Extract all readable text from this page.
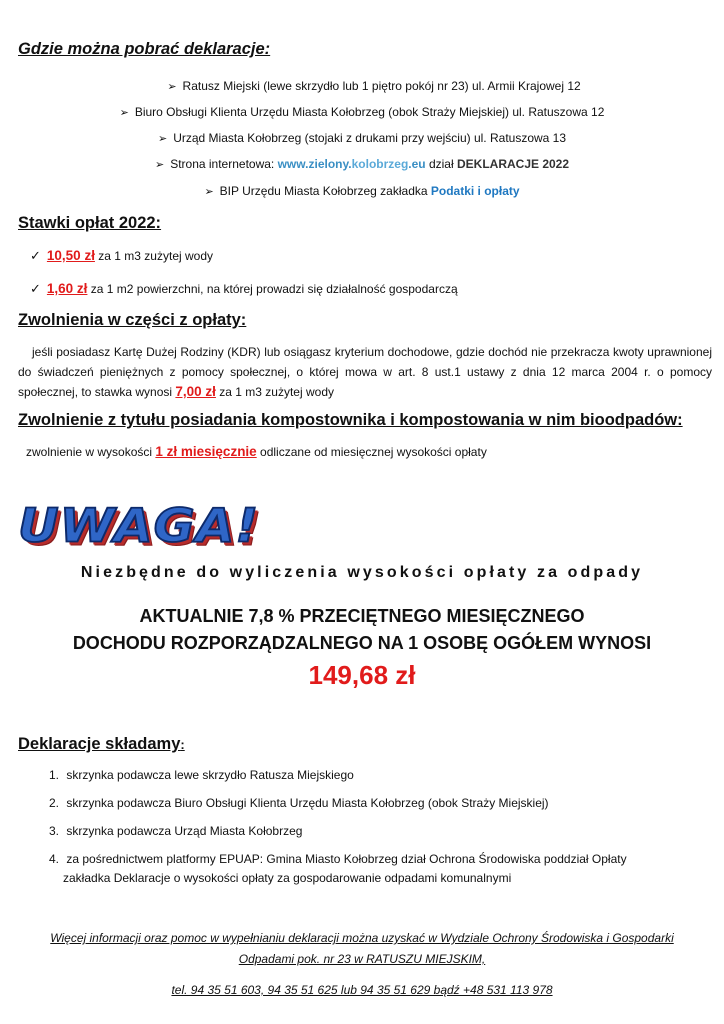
Gdzie można pobrać deklaracje:
➢ Ratusz Miejski (lewe skrzydło lub 1 piętro pokój nr 23) ul. Armii Krajowej 12
➢ Biuro Obsługi Klienta Urzędu Miasta Kołobrzeg (obok Straży Miejskiej) ul. Ratuszowa 12
➢ Urząd Miasta Kołobrzeg (stojaki z drukami przy wejściu) ul. Ratuszowa 13
➢ Strona internetowa: www.zielony.kolobrzeg.eu dział DEKLARACJE 2022
➢ BIP Urzędu Miasta Kołobrzeg zakładka Podatki i opłaty
Stawki opłat 2022:
✓ 10,50 zł za 1 m3 zużytej wody
✓ 1,60 zł za 1 m2 powierzchni, na której prowadzi się działalność gospodarczą
Zwolnienia w części z opłaty:
jeśli posiadasz Kartę Dużej Rodziny (KDR) lub osiągasz kryterium dochodowe, gdzie dochód nie przekracza kwoty uprawnionej do świadczeń pieniężnych z pomocy społecznej, o której mowa w art. 8 ust.1 ustawy z dnia 12 marca 2004 r. o pomocy społecznej, to stawka wynosi 7,00 zł za 1 m3 zużytej wody
Zwolnienie z tytułu posiadania kompostownika i kompostowania w nim bioodpadów:
zwolnienie w wysokości 1 zł miesięcznie odliczane od miesięcznej wysokości opłaty
UWAGA!
Niezbędne do wyliczenia wysokości opłaty za odpady
AKTUALNIE 7,8 % PRZECIĘTNEGO MIESIĘCZNEGO
DOCHODU ROZPORZĄDZALNEGO NA 1 OSOBĘ OGÓŁEM WYNOSI
149,68 zł
Deklaracje składamy:
1. skrzynka podawcza lewe skrzydło Ratusza Miejskiego
2. skrzynka podawcza Biuro Obsługi Klienta Urzędu Miasta Kołobrzeg (obok Straży Miejskiej)
3. skrzynka podawcza Urząd Miasta Kołobrzeg
4. za pośrednictwem platformy EPUAP: Gmina Miasto Kołobrzeg dział Ochrona Środowiska poddział Opłaty
zakładka Deklaracje o wysokości opłaty za gospodarowanie odpadami komunalnymi
Więcej informacji oraz pomoc w wypełnianiu deklaracji można uzyskać w Wydziale Ochrony Środowiska i Gospodarki
Odpadami pok. nr 23 w RATUSZU MIEJSKIM,
tel. 94 35 51 603, 94 35 51 625 lub 94 35 51 629 bądź +48 531 113 978
